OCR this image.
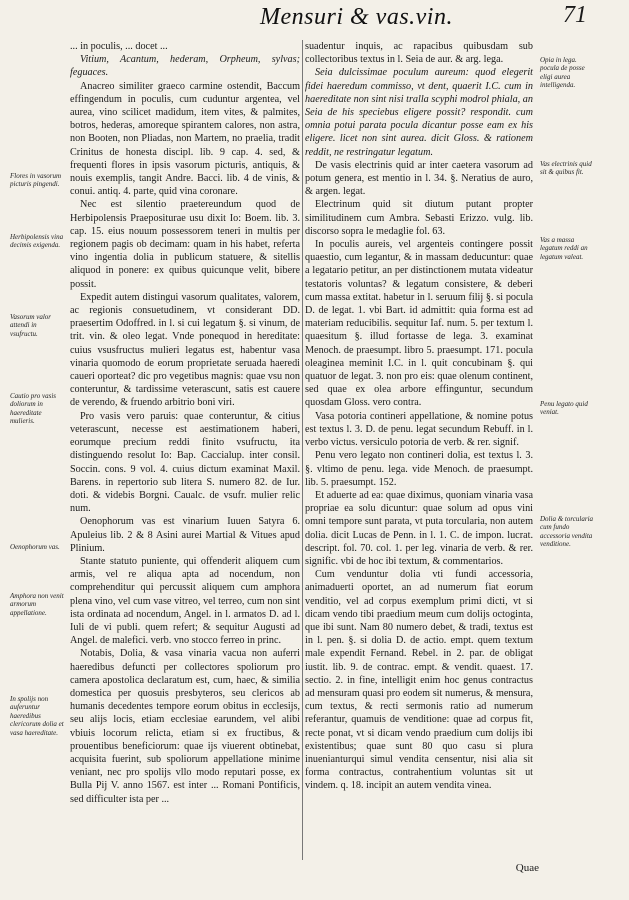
Mensuri & vas.vin.	71

... in poculis, ... docet ...

Vitium, Acantum, hederam, Orpheum, sylvas; feguaces.

Anacreo similiter graeco carmine ostendit, Baccum effingendum in poculis, cum cuduntur argentea, vel aurea, vino scilicet madidum, item vites, & palmites, botros, hederas, amoreque spirantem calores, non astra, non Booten, non Pliadas, non Martem, no praelia, tradit Crinitus de honesta discipl. lib. 9 cap. 4. sed, & frequenti flores in ipsis vasorum picturis, antiquis, & nouis exemplis, tangit Andre. Bacci. lib. 4 de vinis, & conui. antiq. 4. parte, quid vina coronare.

Nec est silentio praetereundum quod de Herbipolensis Praepositurae usu dixit Io: Boem. lib. 3. cap. 15. eius nouum possessorem teneri in multis per regionem pagis ob decimam: quam in his habet, referta vino ingentia dolia in publicum statuere, & sitellis aliquod in ponere: ex quibus quicunque velit, bibere possit.

Expedit autem distingui vasorum qualitates, valorem, ac regionis consuetudinem, vt considerant DD. praesertim Odoffred. in l. si cui legatum §. si vinum, de trit. vin. & oleo legat. Vnde ponequod in hereditate: cuius vsusfructus mulieri legatus est, habentur vasa vinaria quomodo de eorum proprietate seruada haeredi caueri oporteat? dic pro vegetibus magnis: quae vsu non conteruntur, & tardissime veterascunt, satis est cauere de verendo, & fruendo arbitrio boni viri.

Pro vasis vero paruis: quae conteruntur, & citius veterascunt, necesse est aestimationem haberi, eorumque precium reddi finito vsufructu, ita distinguendo resolut Io: Bap. Caccialup. inter consil. Soccin. cons. 9 vol. 4. cuius dictum examinat Maxil. Barens. in repertorio sub litera S. numero 82. de Iur. doti. & videbis Borgni. Caualc. de vsufr. mulier relic num.

Oenophorum vas est vinarium Iuuen Satyra 6. Apuleius lib. 2 & 8 Asini aurei Martial & Vitues apud Plinium.

Stante statuto puniente, qui offenderit aliquem cum armis, vel re aliqua apta ad nocendum, non comprehenditur qui percussit aliquem cum amphora plena vino, vel cum vase vitreo, vel terreo, cum non sint ista ordinata ad nocendum, Angel. in l. armatos D. ad l. Iuli de vi publi. quem refert; & sequitur Augusti ad Angel. de malefici. verb. vno stocco ferreo in princ.

Notabis, Dolia, & vasa vinaria vacua non auferri haeredibus defuncti per collectores spoliorum pro camera apostolica declaratum est, cum, haec, & similia domestica per quosuis presbyteros, seu clericos ab humanis decedentes tempore eorum obitus in ecclesijs, seu alijs locis, etiam ecclesiae earundem, vel alibi vbiuis locorum relicta, etiam si ex fructibus, & prouentibus beneficiorum: quae ijs viuerent obtinebat, acquisita fuerint, sub spoliorum appellatione minime veniant, nec pro spolijs vllo modo reputari posse, ex Bulla Pij V. anno 1567. est inter ... Romani Pontificis, sed difficulter ista per ...

suadentur inquis, ac rapacibus quibusdam sub collectoribus textus in l. Seia de aur. & arg. lega.

Seia dulcissimae poculum aureum: quod elegerit fidei haeredum commisso, vt dent, quaerit I.C. cum in haereditate non sint nisi tralla scyphi modrol phiala, an Seia de his speciebus eligere possit? respondit. cum omnia potui parata pocula dicantur posse eam ex his eligere. licet non sint aurea. dicit Gloss. & rationem reddit, ne restringatur legatum.

De vasis electrinis quid ar inter caetera vasorum ad potum genera, est mentio in l. 34. §. Neratius de auro, & argen. legat.

Electrinum quid sit diutum putant propter similitudinem cum Ambra. Sebasti Erizzo. vulg. lib. discorso sopra le medaglie fol. 63.

In poculis aureis, vel argenteis contingere possit quaestio, cum legantur, & in massam deducuntur: quae a legatario petitur, an per distinctionem mutata videatur testatoris voluntas? & legatum consistere, & deberi cum massa extitat. habetur in l. seruum filij §. si pocula D. de legat. 1. vbi Bart. id admittit: quia forma est ad materiam reducibilis. sequitur Iaf. num. 5. per textum l. quaesitum §. illud fortasse de lega. 3. examinat Menoch. de praesumpt. libro 5. praesumpt. 171. pocula oleaginea meminit I.C. in l. quit concubinam §. qui quatuor de legat. 3. non pro eis: quae olenum continent, sed quae ex olea arbore effinguntur, secundum quosdam Gloss. vero contra.

Vasa potoria contineri appellatione, & nomine potus est textus l. 3. D. de penu. legat secundum Rebuff. in l. verbo victus. versiculo potoria de verb. & rer. signif.

Penu vero legato non contineri dolia, est textus l. 3. §. vltimo de penu. lega. vide Menoch. de praesumpt. lib. 5. praesumpt. 152.

Et aduerte ad ea: quae diximus, quoniam vinaria vasa propriae ea solu dicuntur: quae solum ad opus vini omni tempore sunt parata, vt puta torcularia, non autem dolia. dicit Lucas de Penn. in l. 1. C. de impon. lucrat. descript. fol. 70. col. 1. per leg. vinaria de verb. & rer. signific. vbi de hoc ibi textum, & commentarios.

Cum venduntur dolia vti fundi accessoria, animaduerti oportet, an ad numerum fiat eorum venditio, vel ad corpus exemplum primi dicti, vt si dicam vendo tibi praedium meum cum dolijs octoginta, que ibi sunt. Nam 80 numero debet, & tradi, textus est in l. pen. §. si dolia D. de actio. empt. quem textum male expendit Fernand. Rebel. in 2. par. de obligat iustit. lib. 9. de contrac. empt. & vendit. quaest. 17. sectio. 2. in fine, intelligit enim hoc genus contractus ad mensuram quasi pro eodem sit numerus, & mensura, cum textus, & recti sermonis ratio ad numerum referantur, quamuis de venditione: quae ad corpus fit, recte ponat, vt si dicam vendo praedium cum dolijs ibi existentibus; quae sunt 80 quo casu si plura inuenianturqui simul vendita censentur, nisi alia sit forma contractus, contrahentium voluntas sit ut vindem. q. 18. incipit an autem vendita vinea.

Flores in vasorum picturis pingendi.
Herbipolensis vina decimis exigenda.
Vasorum valor attendi in vsufructu.
Cautio pro vasis doliorum in haereditate mulieris.
Oenophorum vas.
Amphora non venit armorum appellatione.
In spolijs non auferuntur haeredibus clericorum dolia et vasa haereditate.
Opia in lega. pocula de posse eligi aurea intelligenda.
Vas electrinis quid sit & quibus fit.
Vas a massa legatum reddi an legatum valeat.
Penu legato quid veniat.
Dolia & torcularia cum fundo accessoria vendita venditione.
Quae
